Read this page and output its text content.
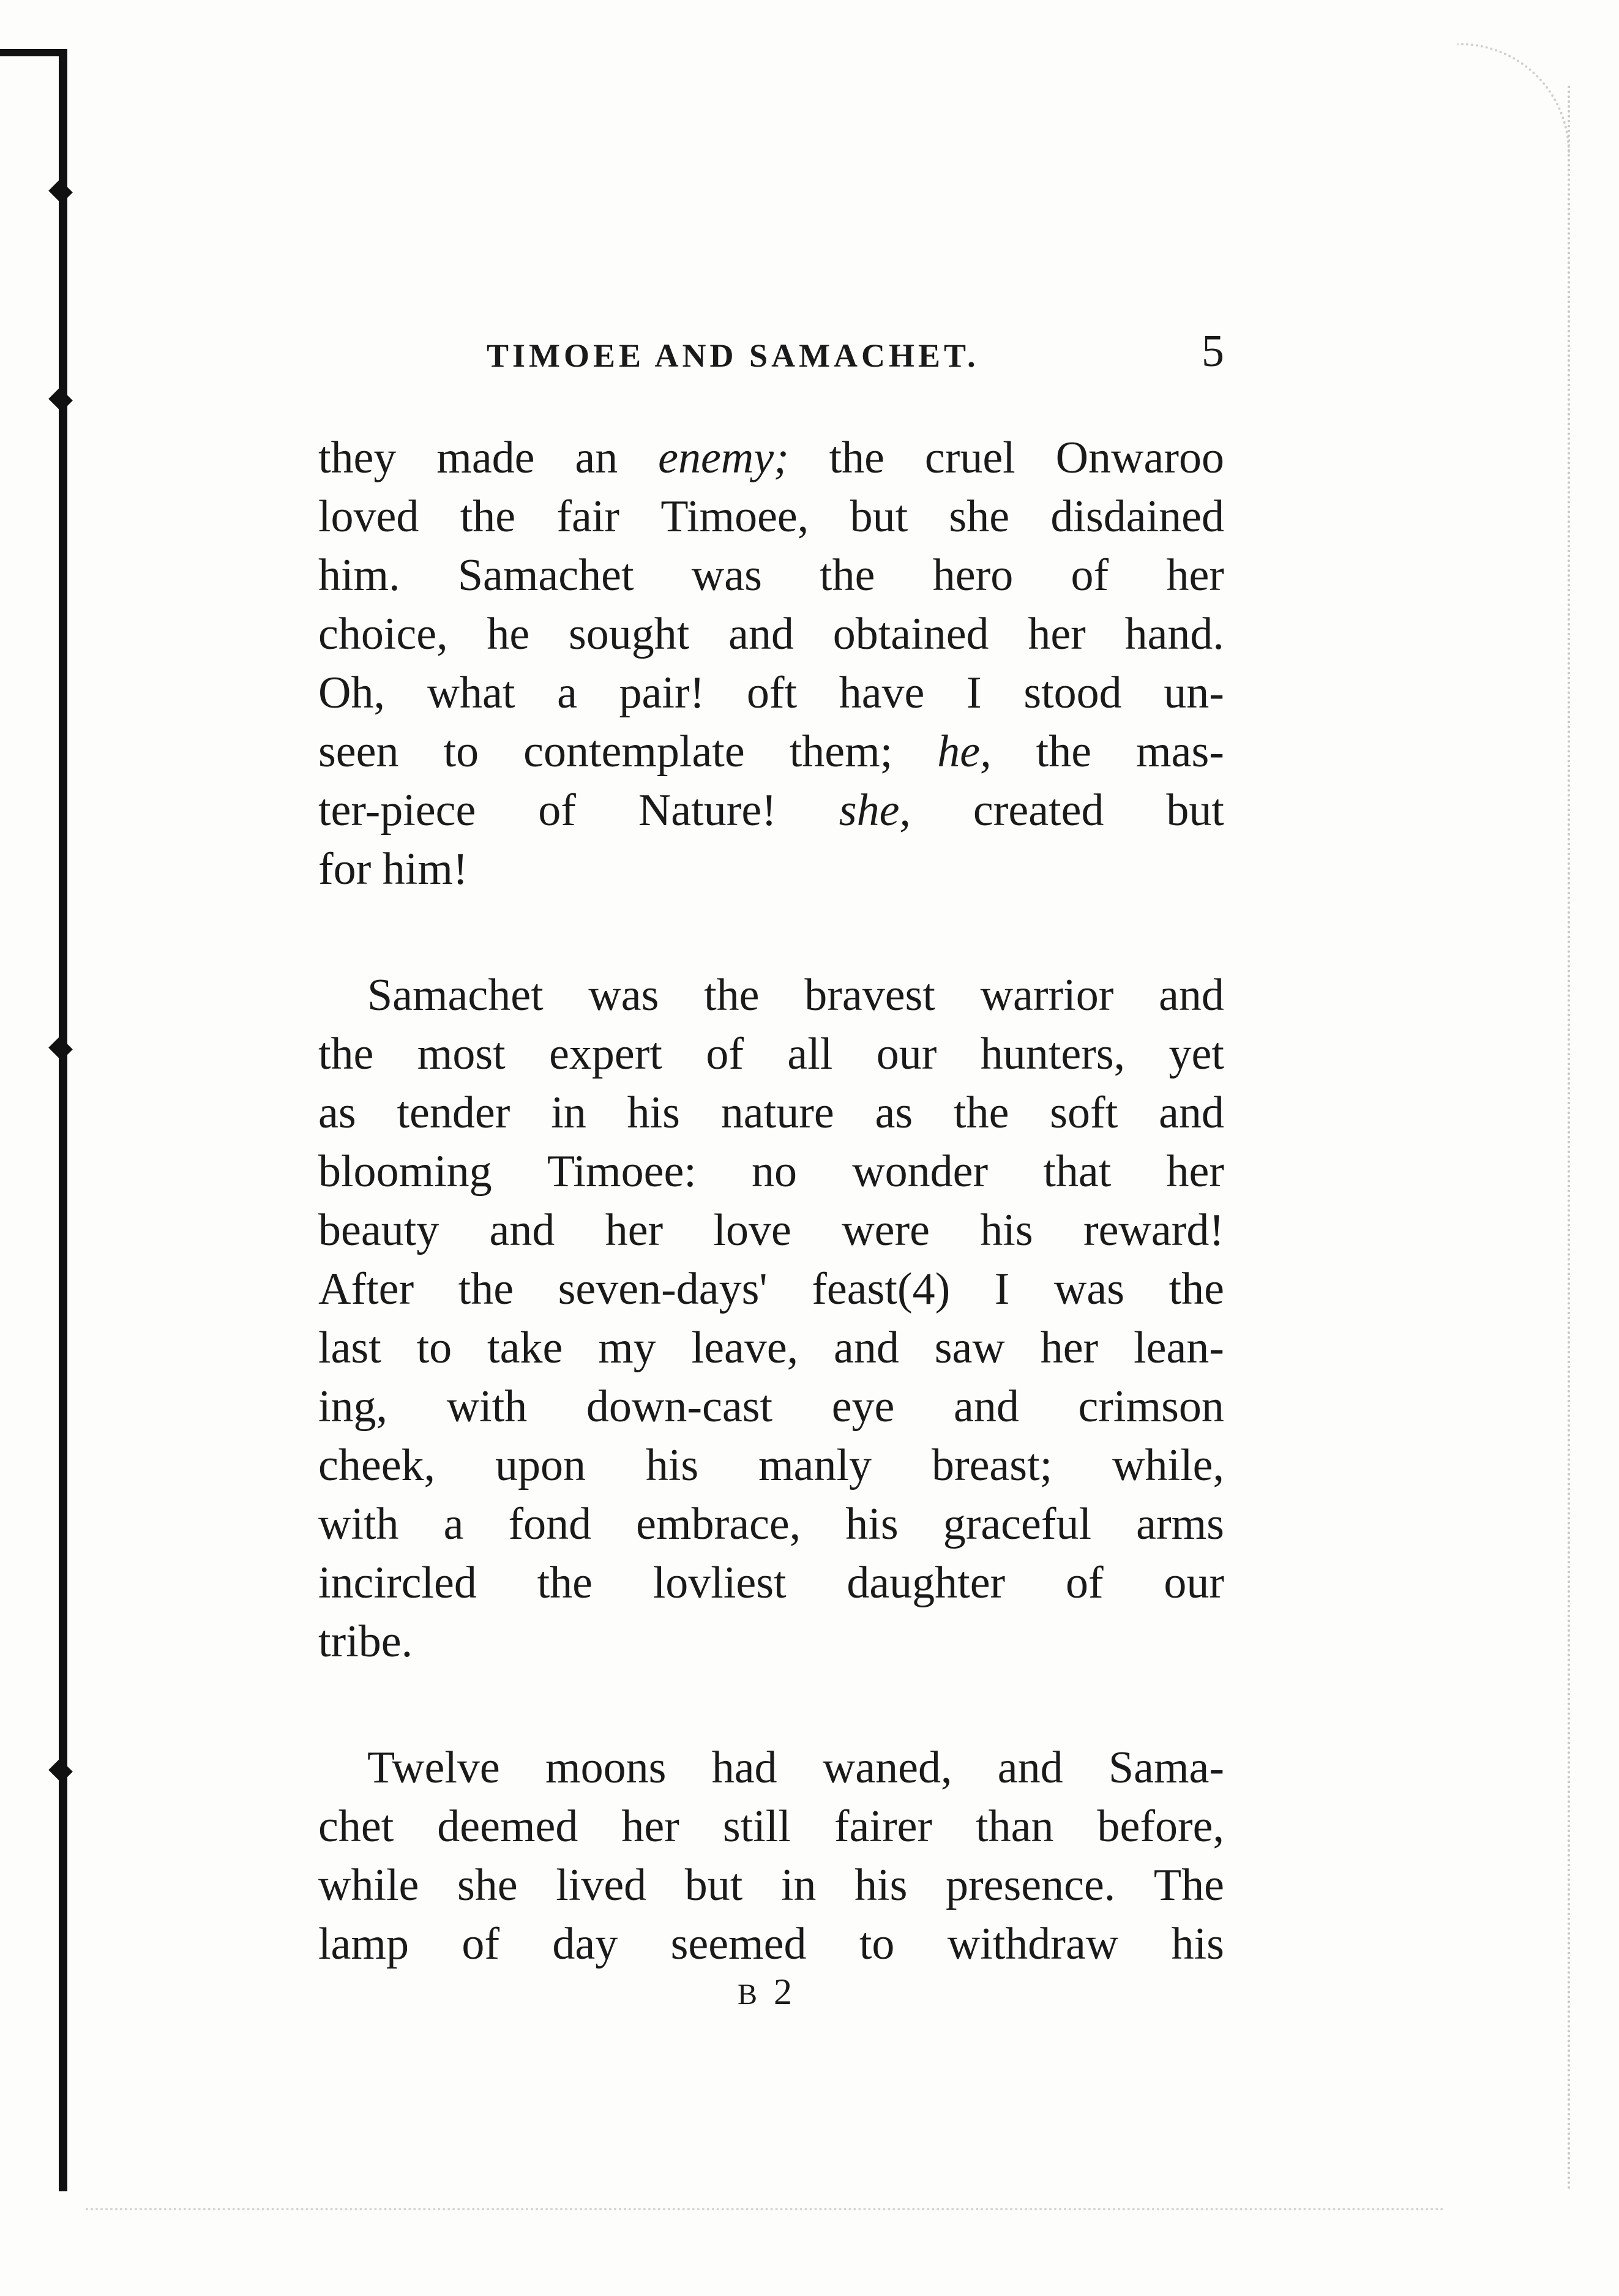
TIMOEE AND SAMACHET.	5
they made an enemy; the cruel Onwaroo
loved the fair Timoee, but she disdained
him. Samachet was the hero of her
choice, he sought and obtained her hand.
Oh, what a pair! oft have I stood un-
seen to contemplate them; he, the mas-
ter-piece of Nature! she, created but
for him!
Samachet was the bravest warrior and
the most expert of all our hunters, yet
as tender in his nature as the soft and
blooming Timoee: no wonder that her
beauty and her love were his reward!
After the seven-days' feast(4) I was the
last to take my leave, and saw her lean-
ing, with down-cast eye and crimson
cheek, upon his manly breast; while,
with a fond embrace, his graceful arms
incircled the lovliest daughter of our
tribe.
Twelve moons had waned, and Sama-
chet deemed her still fairer than before,
while she lived but in his presence. The
lamp of day seemed to withdraw his
B 2
